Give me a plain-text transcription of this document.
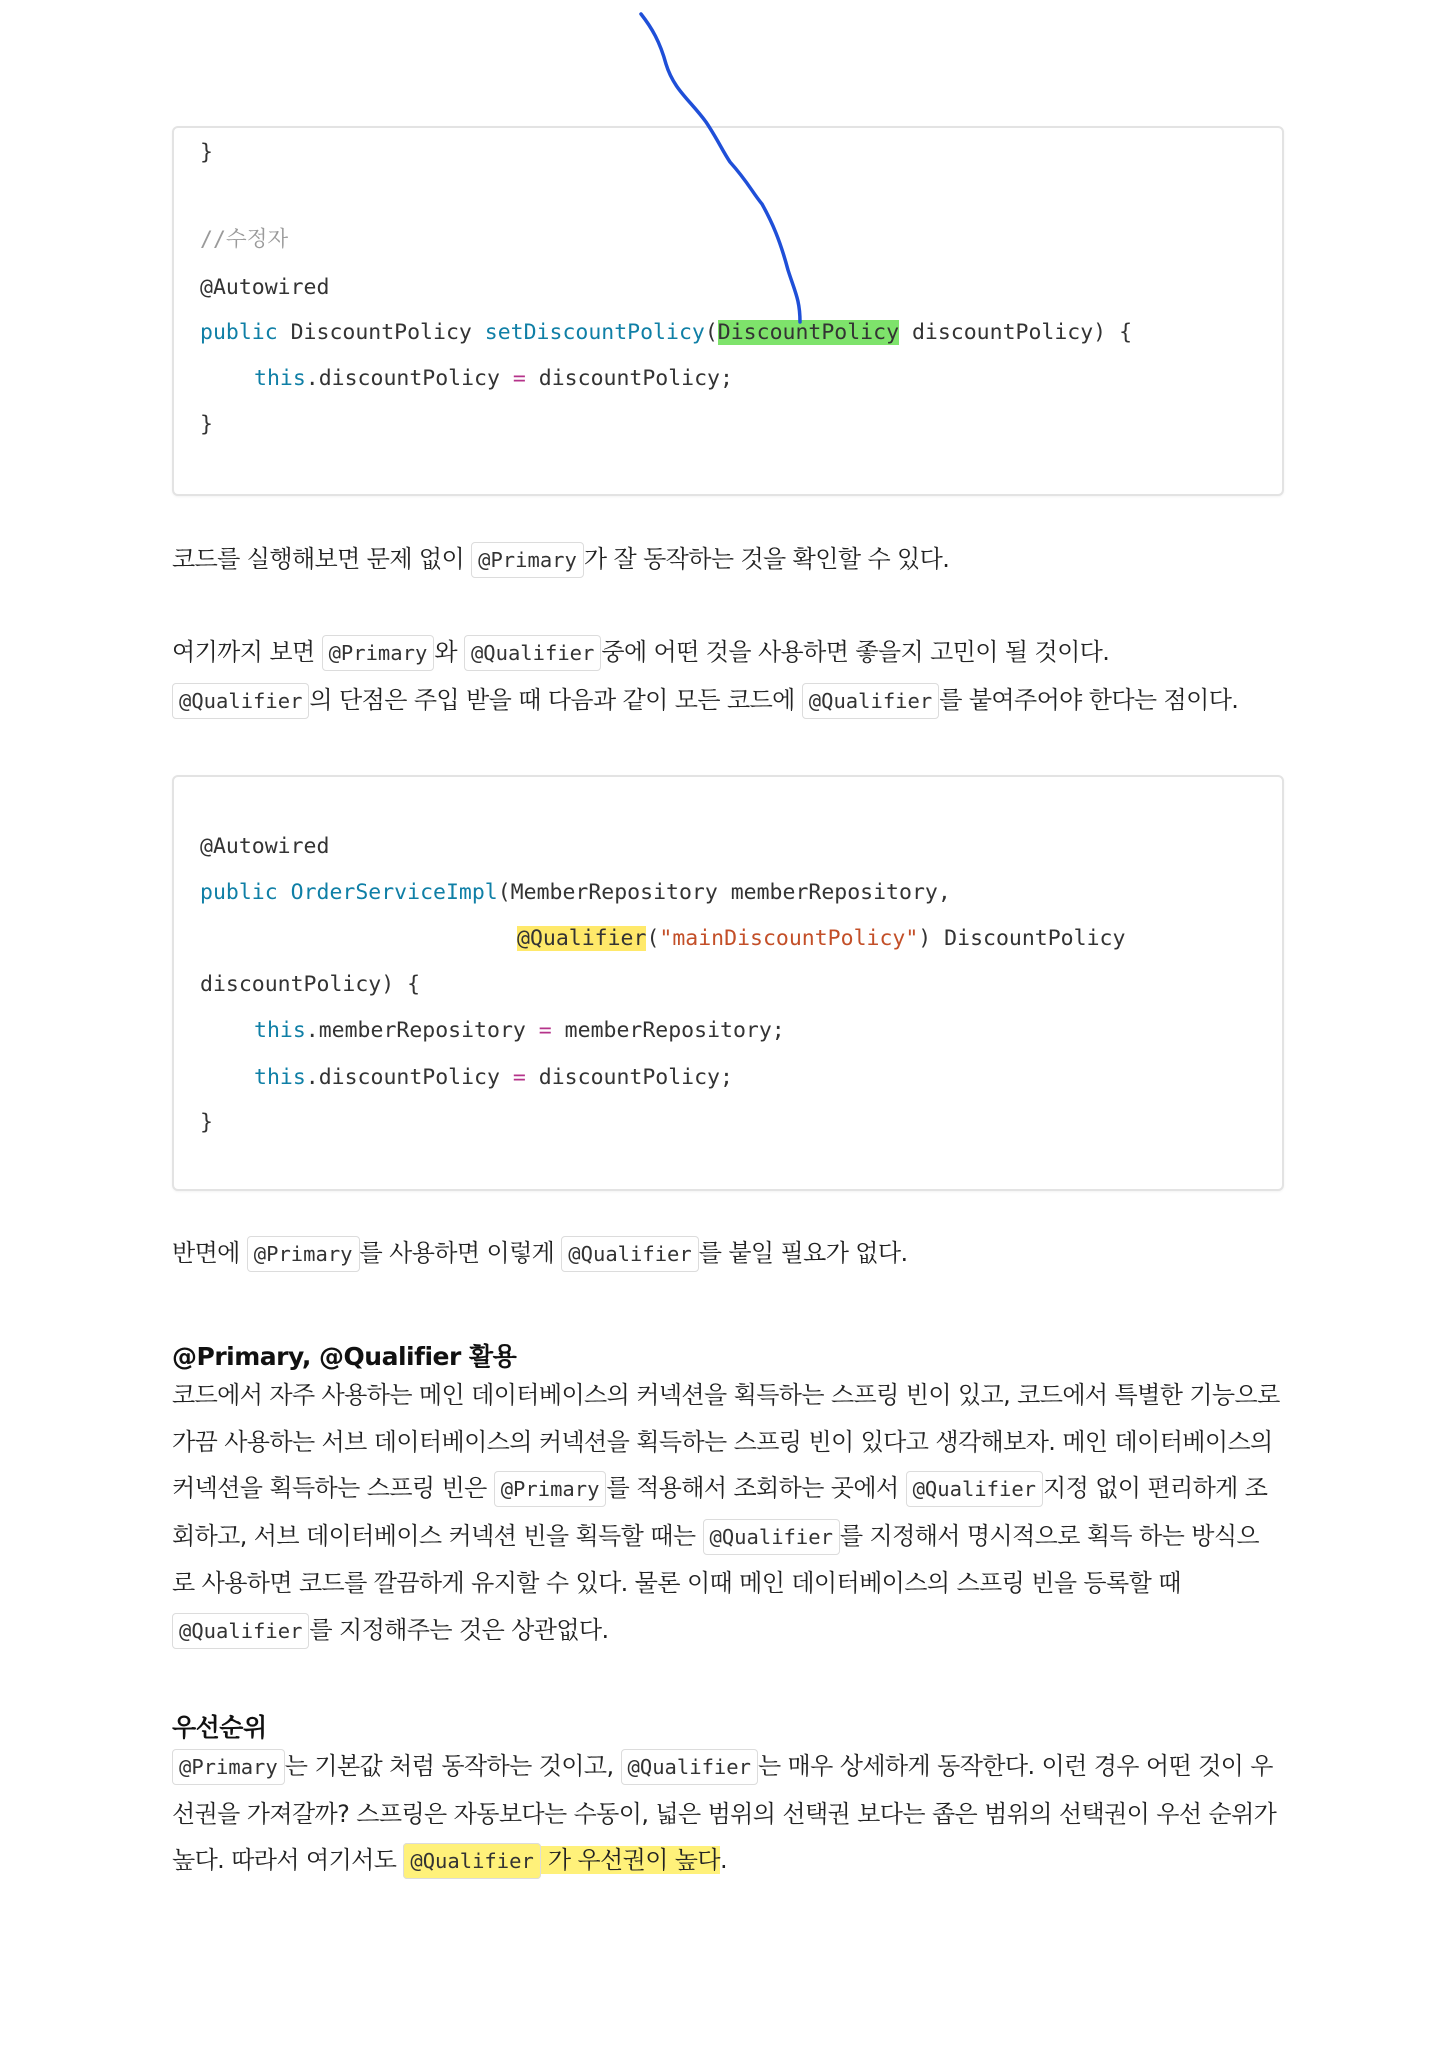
}
//수정자
@Autowired
public DiscountPolicy setDiscountPolicy(DiscountPolicy discountPolicy) {
this.discountPolicy = discountPolicy;
}
코드를 실행해보면 문제 없이 @Primary 가 잘 동작하는 것을 확인할 수 있다.
여기까지 보면 @Primary 와 @Qualifier 중에 어떤 것을 사용하면 좋을지 고민이 될 것이다.
@Qualifier 의 단점은 주입 받을 때 다음과 같이 모든 코드에 @Qualifier 를 붙여주어야 한다는 점이다.
@Autowired
public OrderServiceImpl(MemberRepository memberRepository,
@Qualifier("mainDiscountPolicy") DiscountPolicy
discountPolicy) {
this.memberRepository = memberRepository;
this.discountPolicy = discountPolicy;
}
반면에 @Primary 를 사용하면 이렇게 @Qualifier 를 붙일 필요가 없다.
@Primary, @Qualifier 활용
코드에서 자주 사용하는 메인 데이터베이스의 커넥션을 획득하는 스프링 빈이 있고, 코드에서 특별한 기능으로 가끔 사용하는 서브 데이터베이스의 커넥션을 획득하는 스프링 빈이 있다고 생각해보자. 메인 데이터베이스의 커넥션을 획득하는 스프링 빈은 @Primary 를 적용해서 조회하는 곳에서 @Qualifier 지정 없이 편리하게 조회하고, 서브 데이터베이스 커넥션 빈을 획득할 때는 @Qualifier 를 지정해서 명시적으로 획득 하는 방식으로 사용하면 코드를 깔끔하게 유지할 수 있다. 물론 이때 메인 데이터베이스의 스프링 빈을 등록할 때 @Qualifier 를 지정해주는 것은 상관없다.
우선순위
@Primary 는 기본값 처럼 동작하는 것이고, @Qualifier 는 매우 상세하게 동작한다. 이런 경우 어떤 것이 우선권을 가져갈까? 스프링은 자동보다는 수동이, 넓은 범위의 선택권 보다는 좁은 범위의 선택권이 우선 순위가 높다. 따라서 여기서도 @Qualifier 가 우선권이 높다.
